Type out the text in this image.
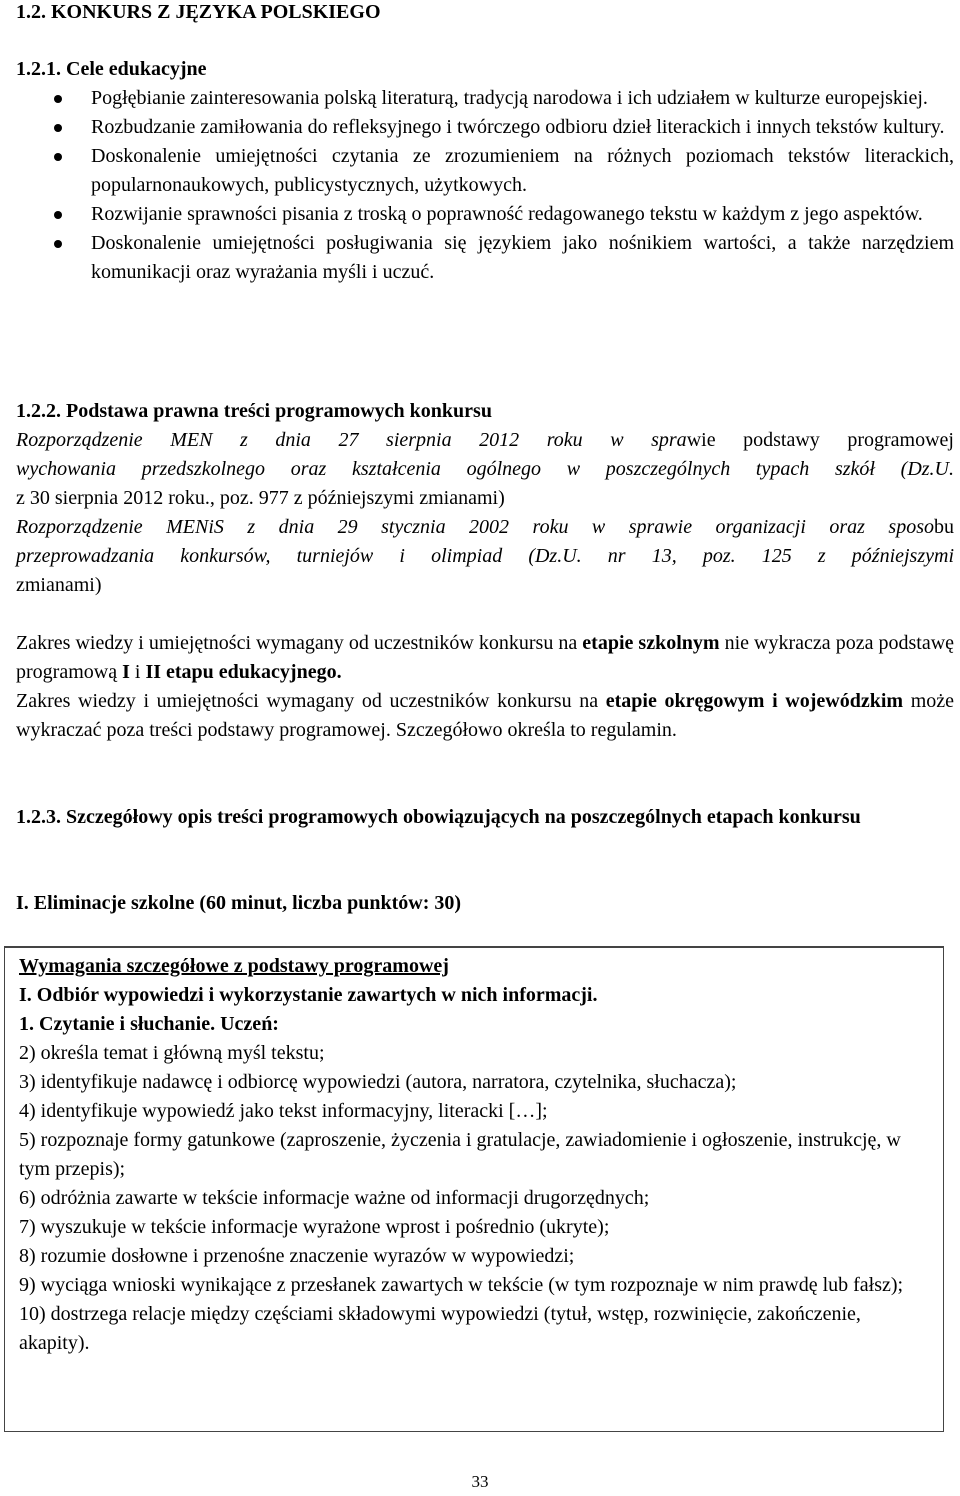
1.2. KONKURS Z JĘZYKA POLSKIEGO
1.2.1. Cele edukacyjne
Pogłębianie zainteresowania polską literaturą, tradycją narodowa i ich udziałem w kulturze europejskiej.
Rozbudzanie zamiłowania do refleksyjnego i twórczego odbioru dzieł literackich i innych tekstów kultury.
Doskonalenie umiejętności czytania ze zrozumieniem na różnych poziomach tekstów literackich, popularnonaukowych, publicystycznych, użytkowych.
Rozwijanie sprawności pisania z troską o poprawność redagowanego tekstu w każdym z jego aspektów.
Doskonalenie umiejętności posługiwania się językiem jako nośnikiem wartości, a także narzędziem komunikacji oraz wyrażania myśli i uczuć.
1.2.2. Podstawa prawna treści programowych konkursu
Rozporządzenie MEN z dnia 27 sierpnia 2012 roku w sprawie podstawy programowej
wychowania przedszkolnego oraz kształcenia ogólnego w poszczególnych typach szkół (Dz.U.
z 30 sierpnia 2012 roku., poz. 977 z późniejszymi zmianami)
Rozporządzenie MENiS z dnia 29 stycznia 2002 roku w sprawie organizacji oraz sposobu
przeprowadzania konkursów, turniejów i olimpiad (Dz.U. nr 13, poz. 125 z późniejszymi
zmianami)
Zakres wiedzy i umiejętności wymagany od uczestników konkursu na etapie szkolnym nie wykracza poza podstawę programową I i II etapu edukacyjnego.
Zakres wiedzy i umiejętności wymagany od uczestników konkursu na etapie okręgowym i wojewódzkim może wykraczać poza treści podstawy programowej. Szczegółowo określa to regulamin.
1.2.3. Szczegółowy opis treści programowych obowiązujących na poszczególnych etapach konkursu
I. Eliminacje szkolne (60 minut, liczba punktów: 30)
Wymagania szczegółowe z podstawy programowej
I. Odbiór wypowiedzi i wykorzystanie zawartych w nich informacji.
1. Czytanie i słuchanie. Uczeń:
2) określa temat i główną myśl tekstu;
3) identyfikuje nadawcę i odbiorcę wypowiedzi (autora, narratora, czytelnika, słuchacza);
4) identyfikuje wypowiedź jako tekst informacyjny, literacki […];
5) rozpoznaje formy gatunkowe (zaproszenie, życzenia i gratulacje, zawiadomienie i ogłoszenie, instrukcję, w tym przepis);
6) odróżnia zawarte w tekście informacje ważne od informacji drugorzędnych;
7) wyszukuje w tekście informacje wyrażone wprost i pośrednio (ukryte);
8) rozumie dosłowne i przenośne znaczenie wyrazów w wypowiedzi;
9) wyciąga wnioski wynikające z przesłanek zawartych w tekście (w tym rozpoznaje w nim prawdę lub fałsz);
10) dostrzega relacje między częściami składowymi wypowiedzi (tytuł, wstęp, rozwinięcie, zakończenie, akapity).
33
